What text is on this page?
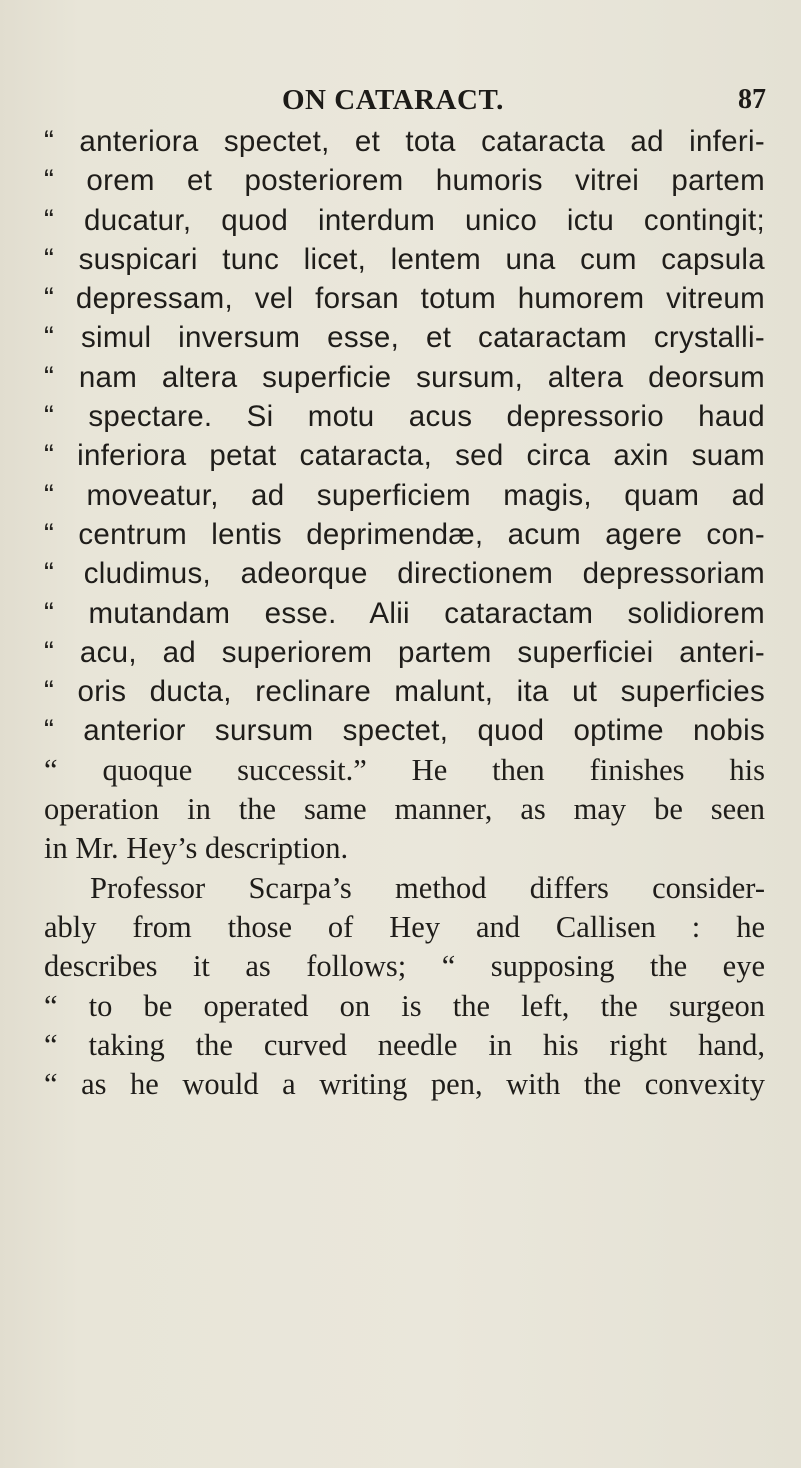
ON CATARACT.	87
“ anteriora spectet, et tota cataracta ad inferi-
“ orem et posteriorem humoris vitrei partem
“ ducatur, quod interdum unico ictu contingit;
“ suspicari tunc licet, lentem una cum capsula
“ depressam, vel forsan totum humorem vitreum
“ simul inversum esse, et cataractam crystalli-
“ nam altera superficie sursum, altera deorsum
“ spectare. Si motu acus depressorio haud
“ inferiora petat cataracta, sed circa axin suam
“ moveatur, ad superficiem magis, quam ad
“ centrum lentis deprimendæ, acum agere con-
“ cludimus, adeorque directionem depressoriam
“ mutandam esse. Alii cataractam solidiorem
“ acu, ad superiorem partem superficiei anteri-
“ oris ducta, reclinare malunt, ita ut superficies
“ anterior sursum spectet, quod optime nobis
“ quoque successit.” He then finishes his
operation in the same manner, as may be seen
in Mr. Hey’s description.
Professor Scarpa’s method differs consider-
ably from those of Hey and Callisen : he
describes it as follows; “ supposing the eye
“ to be operated on is the left, the surgeon
“ taking the curved needle in his right hand,
“ as he would a writing pen, with the convexity
